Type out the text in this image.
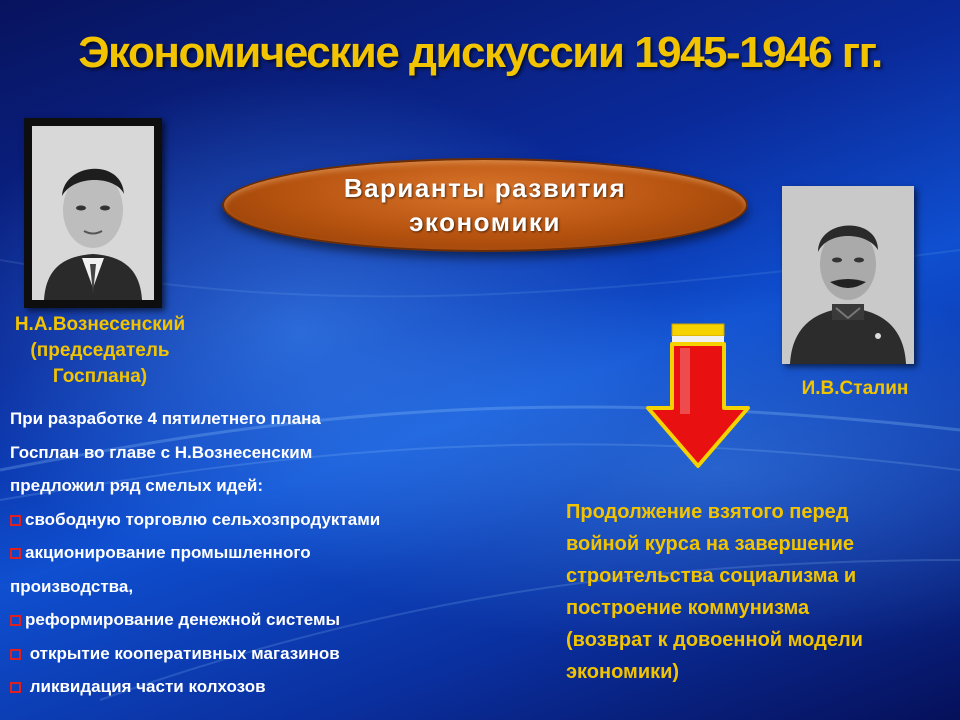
Экономические дискуссии 1945-1946 гг.
Н.А.Вознесенский
(председатель
Госплана)
Варианты развития
экономики
И.В.Сталин
При разработке 4 пятилетнего плана
Госплан во главе с Н.Вознесенским
предложил ряд смелых идей:
свободную торговлю сельхозпродуктами
акционирование промышленного производства,
реформирование денежной системы
открытие кооперативных магазинов
ликвидация части колхозов
Продолжение взятого перед
войной курса на завершение
строительства социализма и
построение коммунизма
(возврат к довоенной модели
экономики)
